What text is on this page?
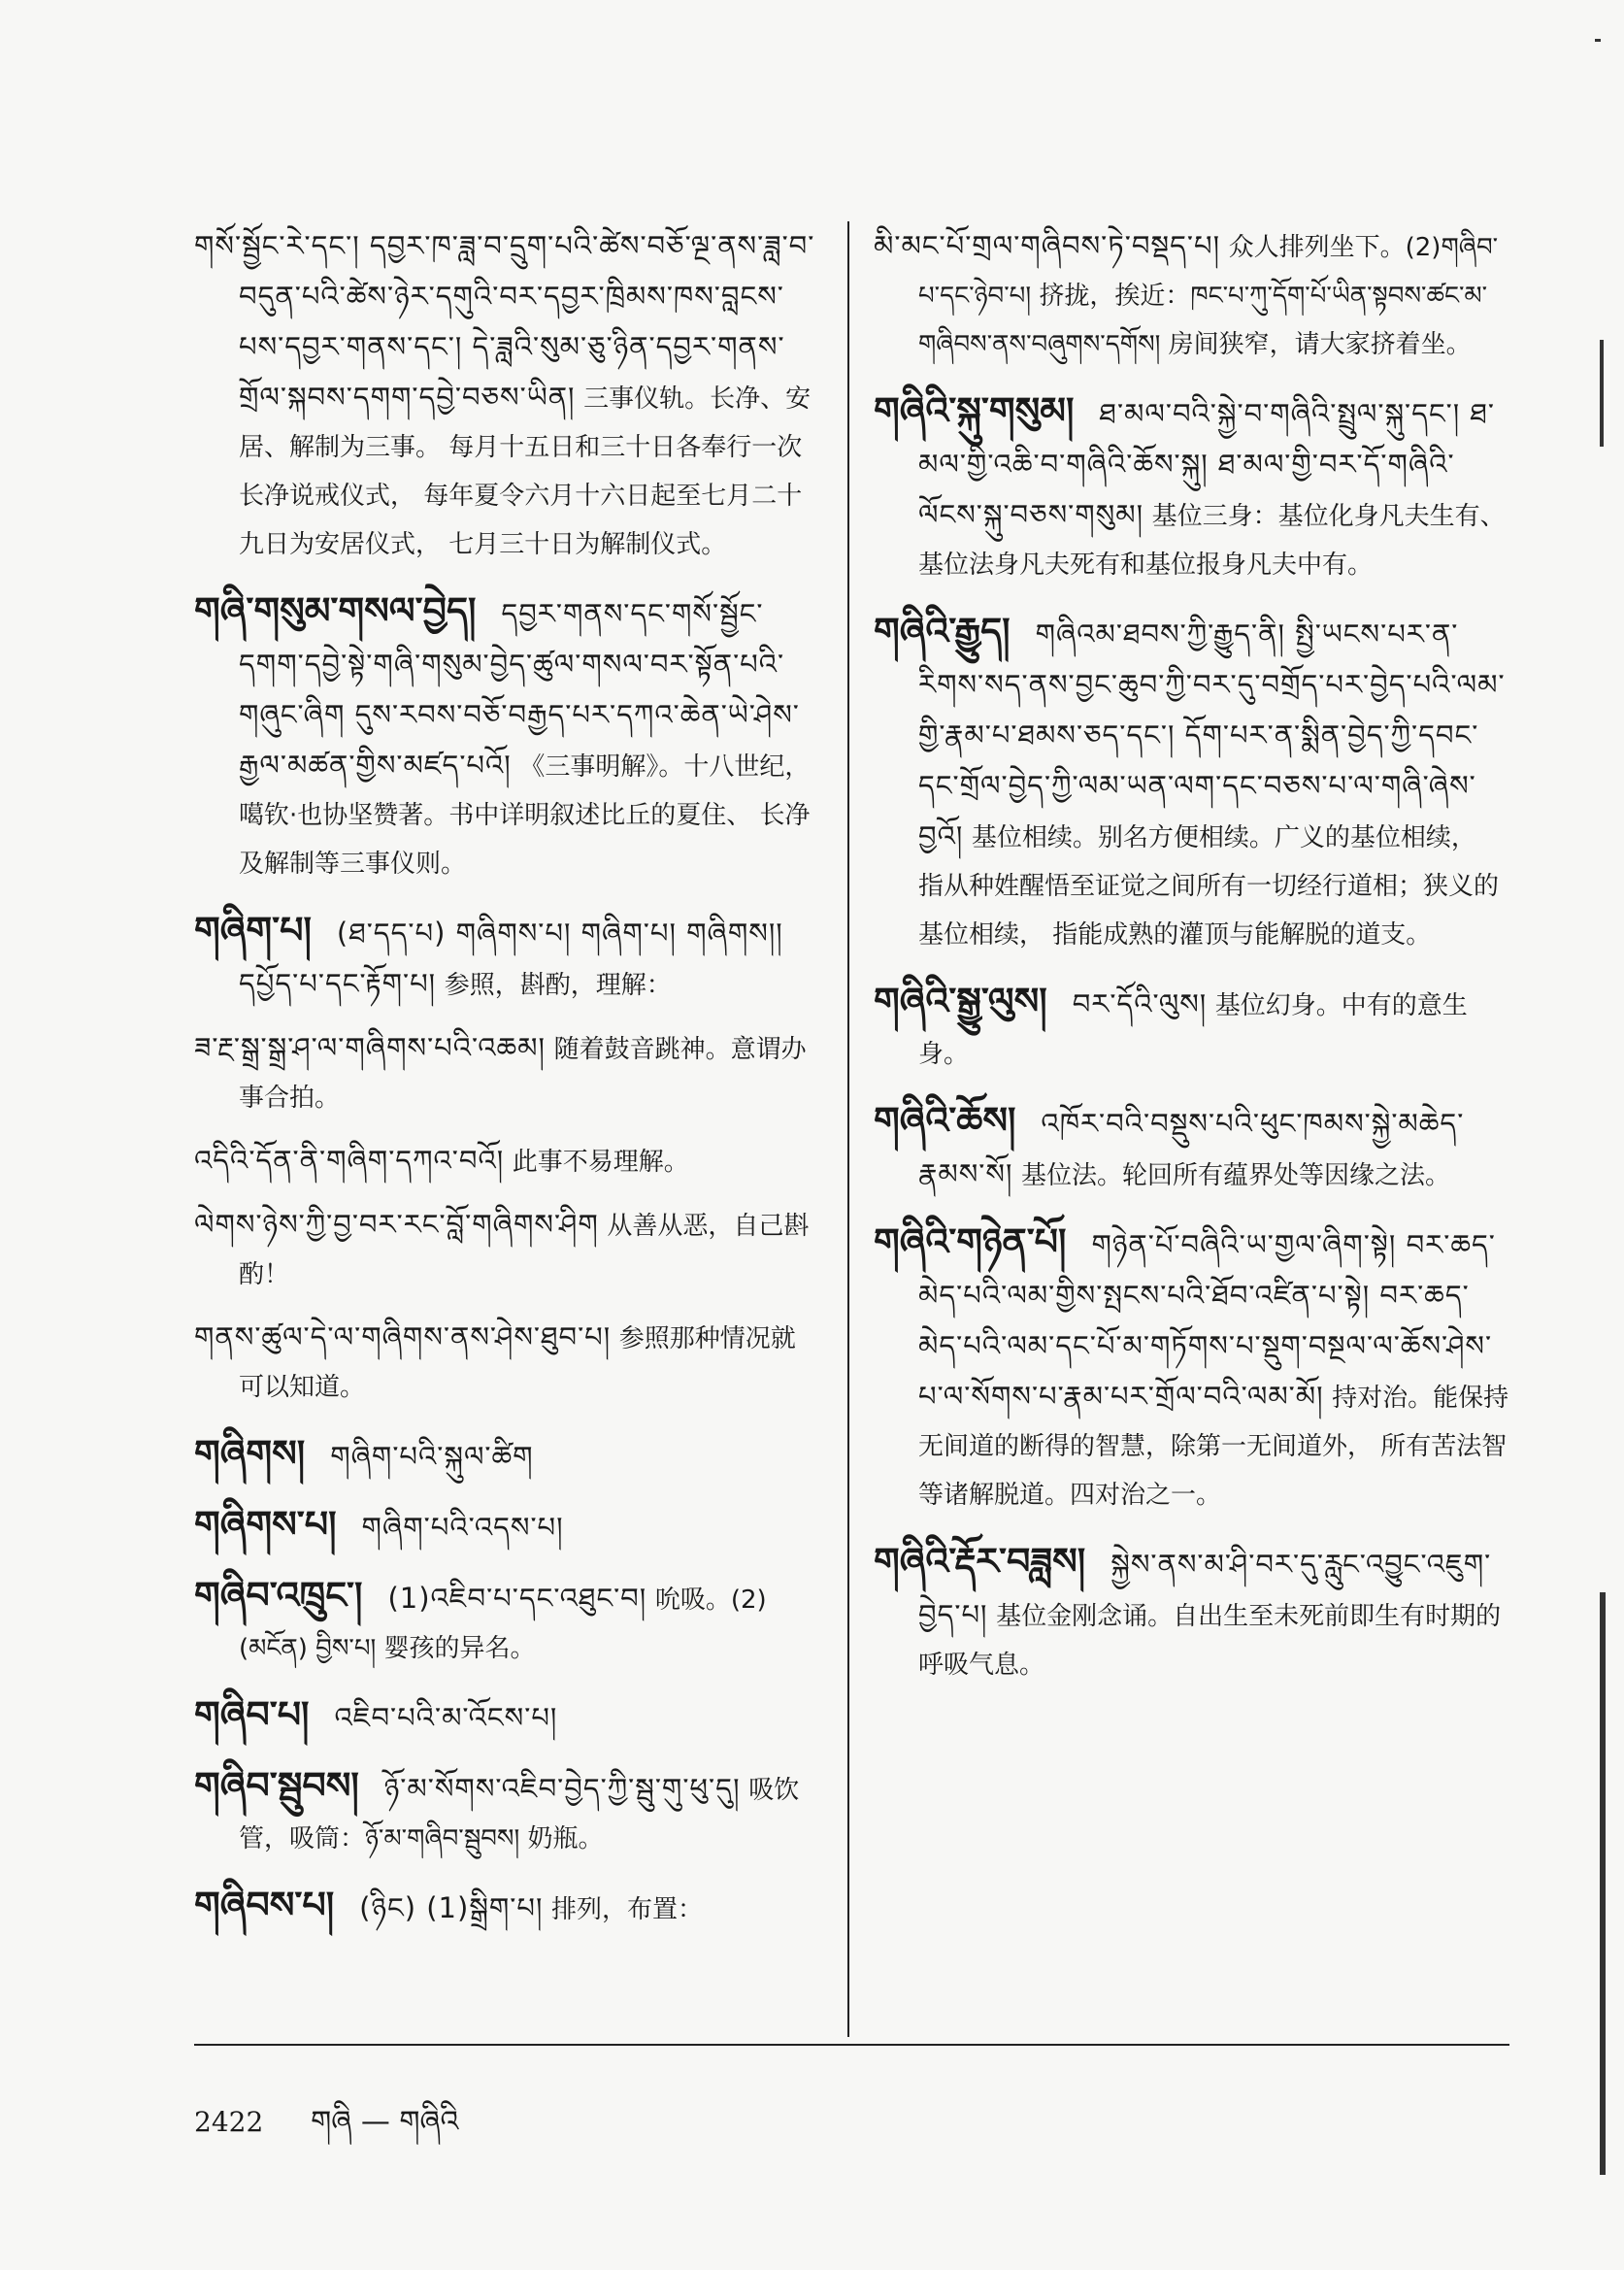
གསོ་སྦྱོང་རེ་དང་། དབྱར་ཁ་ཟླ་བ་དྲུག་པའི་ཚེས་བཅོ་ལྔ་ནས་ཟླ་བ་བདུན་པའི་ཚེས་ཉེར་དགུའི་བར་དབྱར་ཁྲིམས་ཁས་བླངས་པས་དབྱར་གནས་དང་། དེ་ཟླའི་སུམ་ཅུ་ཉིན་དབྱར་གནས་གྲོལ་སྐབས་དགག་དབྱེ་བཅས་ཡིན། 三事仪轨。长净、安居、解制为三事。 每月十五日和三十日各奉行一次长净说戒仪式， 每年夏令六月十六日起至七月二十九日为安居仪式， 七月三十日为解制仪式。
གཞི་གསུམ་གསལ་བྱེད། དབྱར་གནས་དང་གསོ་སྦྱོང་དགག་དབྱེ་སྟེ་གཞི་གསུམ་བྱེད་ཚུལ་གསལ་བར་སྟོན་པའི་གཞུང་ཞིག དུས་རབས་བཅོ་བརྒྱད་པར་དཀའ་ཆེན་ཡེ་ཤེས་རྒྱལ་མཚན་གྱིས་མཛད་པའོ། 《三事明解》。十八世纪，噶钦·也协坚赞著。书中详明叙述比丘的夏住、 长净及解制等三事仪则。
གཞིག་པ། (ཐ་དད་པ) གཞིགས་པ། གཞིག་པ། གཞིགས།། དཔྱོད་པ་དང་རྟོག་པ། 参照，斟酌，理解：
ཟ་རྔ་སྒྲ་སྒྲ་ཤ་ལ་གཞིགས་པའི་འཆམ། 随着鼓音跳神。意谓办事合拍。
འདིའི་དོན་ནི་གཞིག་དཀའ་བའོ། 此事不易理解。
ལེགས་ཉེས་ཀྱི་བྱ་བར་རང་བློ་གཞིགས་ཤིག 从善从恶，自己斟酌！
གནས་ཚུལ་དེ་ལ་གཞིགས་ནས་ཤེས་ཐུབ་པ། 参照那种情况就可以知道。
གཞིགས། གཞིག་པའི་སྐུལ་ཚིག
གཞིགས་པ། གཞིག་པའི་འདས་པ།
གཞིབ་འཁྲུང་། (1)འཇིབ་པ་དང་འཐུང་བ། 吮吸。(2)(མངོན) བྱིས་པ། 婴孩的异名。
གཞིབ་པ། འཇིབ་པའི་མ་འོངས་པ།
གཞིབ་སྦུབས། ཉོ་མ་སོགས་འཇིབ་བྱེད་ཀྱི་སྦུ་གུ་ཕུ་དུ། 吸饮管，吸筒：ཉོ་མ་གཞིབ་སྦུབས། 奶瓶。
གཞིབས་པ། (ཉིང) (1)སྒྲིག་པ། 排列，布置：
མི་མང་པོ་གྲལ་གཞིབས་ཏེ་བསྡད་པ། 众人排列坐下。(2)གཞིབ་པ་དང་ཉེབ་པ། 挤拢，挨近：ཁང་པ་ཀུ་དོག་པོ་ཡིན་སྟབས་ཚང་མ་གཞིབས་ནས་བཞུགས་དགོས། 房间狭窄，请大家挤着坐。
གཞིའི་སྐུ་གསུམ། ཐ་མལ་བའི་སྐྱེ་བ་གཞིའི་སྤྲུལ་སྐུ་དང་། ཐ་མལ་གྱི་འཆི་བ་གཞིའི་ཆོས་སྐུ། ཐ་མལ་གྱི་བར་དོ་གཞིའི་ལོངས་སྐུ་བཅས་གསུམ། 基位三身：基位化身凡夫生有、 基位法身凡夫死有和基位报身凡夫中有。
གཞིའི་རྒྱུད། གཞིའམ་ཐབས་ཀྱི་རྒྱུད་ནི། སྤྱི་ཡངས་པར་ན་རིགས་སད་ནས་བྱང་ཆུབ་ཀྱི་བར་དུ་བགྲོད་པར་བྱེད་པའི་ལམ་གྱི་རྣམ་པ་ཐམས་ཅད་དང་། དོག་པར་ན་སྨིན་བྱེད་ཀྱི་དབང་དང་གྲོལ་བྱེད་ཀྱི་ལམ་ཡན་ལག་དང་བཅས་པ་ལ་གཞི་ཞེས་བྱའོ། 基位相续。别名方便相续。广义的基位相续， 指从种姓醒悟至证觉之间所有一切经行道相；狭义的基位相续， 指能成熟的灌顶与能解脱的道支。
གཞིའི་སྒྱུ་ལུས། བར་དོའི་ལུས། 基位幻身。中有的意生身。
གཞིའི་ཆོས། འཁོར་བའི་བསྡུས་པའི་ཕུང་ཁམས་སྐྱེ་མཆེད་རྣམས་སོ། 基位法。轮回所有蕴界处等因缘之法。
གཞིའི་གཉེན་པོ། གཉེན་པོ་བཞིའི་ཡ་གྱལ་ཞིག་སྟེ། བར་ཆད་མེད་པའི་ལམ་གྱིས་སྤངས་པའི་ཐོབ་འཛིན་པ་སྟེ། བར་ཆད་མེད་པའི་ལམ་དང་པོ་མ་གཏོགས་པ་སྡུག་བསྔལ་ལ་ཆོས་ཤེས་པ་ལ་སོགས་པ་རྣམ་པར་གྲོལ་བའི་ལམ་མོ། 持对治。能保持无间道的断得的智慧，除第一无间道外， 所有苦法智等诸解脱道。四对治之一。
གཞིའི་རྡོར་བཟླས། སྐྱེས་ནས་མ་ཤི་བར་དུ་རླུང་འབྱུང་འཇུག་བྱེད་པ། 基位金刚念诵。自出生至未死前即生有时期的呼吸气息。
2422 གཞི — གཞིའི
